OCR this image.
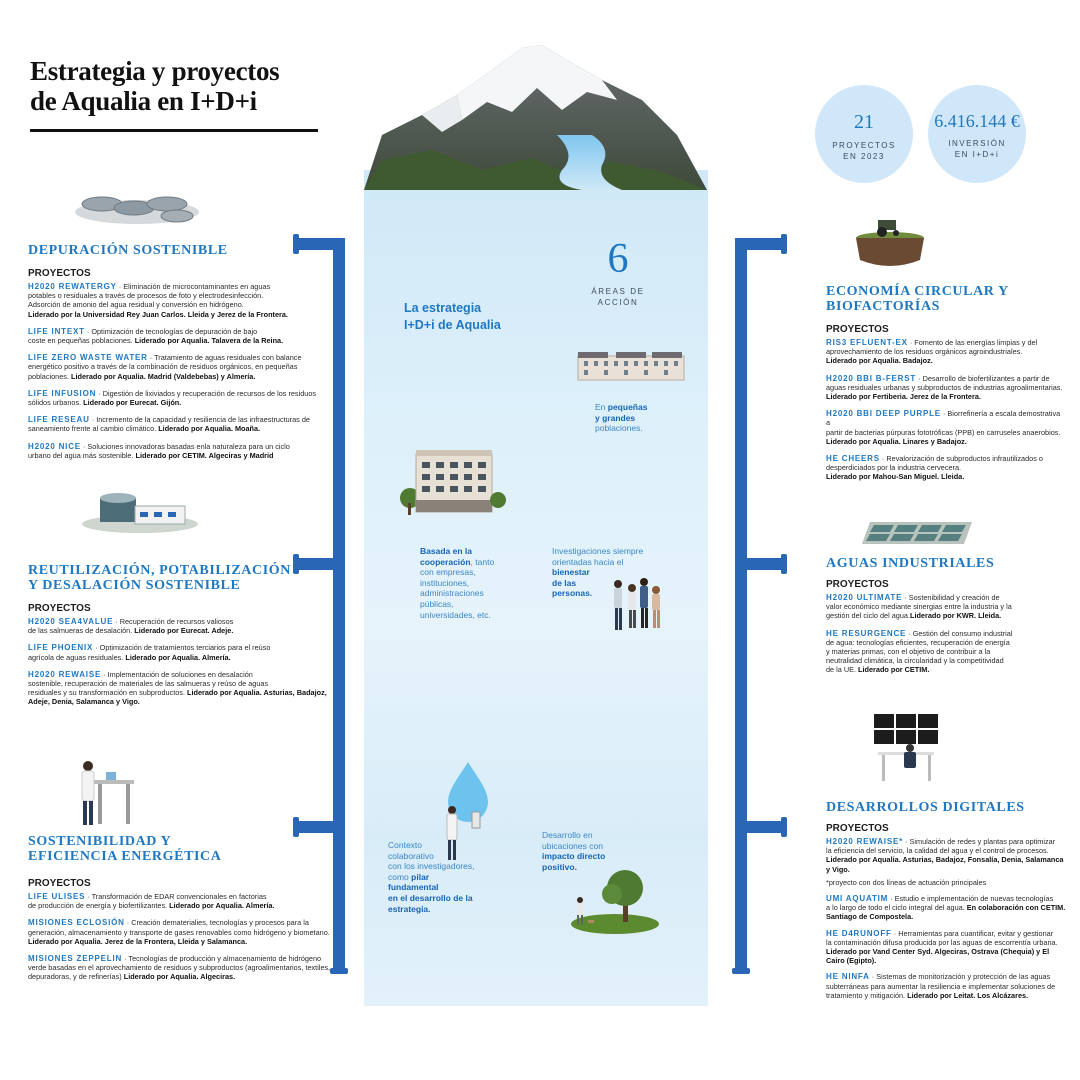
Estrategia y proyectos
de Aqualia en I+D+i
21
PROYECTOS
EN 2023
6.416.144 €
INVERSIÓN
EN I+D+i
6
ÁREAS DE
ACCIÓN
La estrategia
I+D+i de Aqualia
En pequeñas
y grandes
poblaciones.
Basada en la
cooperación, tanto
con empresas,
instituciones,
administraciones
públicas,
universidades, etc.
Investigaciones siempre
orientadas hacia el
bienestar
de las
personas.
Contexto
colaborativo
con los investigadores,
como pilar
fundamental
en el desarrollo de la
estrategia.
Desarrollo en
ubicaciones con
impacto directo
positivo.
DEPURACIÓN SOSTENIBLE
PROYECTOS
H2020 REWATERGY · Eliminación de microcontaminantes en aguas
potables o residuales a través de procesos de foto y electrodesinfección.
Adsorción de amonio del agua residual y conversión en hidrógeno.
Liderado por la Universidad Rey Juan Carlos. Lleida y Jerez de la Frontera.
LIFE INTEXT · Optimización de tecnologías de depuración de bajo
coste en pequeñas poblaciones. Liderado por Aqualia. Talavera de la Reina.
LIFE ZERO WASTE WATER · Tratamiento de aguas residuales con balance
energético positivo a través de la combinación de residuos orgánicos, en pequeñas
poblaciones. Liderado por Aqualia. Madrid (Valdebebas) y Almería.
LIFE INFUSION · Digestión de lixiviados y recuperación de recursos de los residuos
sólidos urbanos. Liderado por Eurecat. Gijón.
LIFE RESEAU · Incremento de la capacidad y resiliencia de las infraestructuras de
saneamiento frente al cambio climático. Liderado por Aqualia. Moaña.
H2020 NICE · Soluciones innovadoras basadas enla naturaleza para un ciclo
urbano del agua más sostenible. Liderado por CETIM. Algeciras y Madrid
REUTILIZACIÓN, POTABILIZACIÓN
Y DESALACIÓN SOSTENIBLE
PROYECTOS
H2020 SEA4VALUE · Recuperación de recursos valiosos
de las salmueras de desalación. Liderado por Eurecat. Adeje.
LIFE PHOENIX · Optimización de tratamientos terciarios para el reúso
agrícola de aguas residuales. Liderado por Aqualia. Almería.
H2020 REWAISE · Implementación de soluciones en desalación
sostenible, recuperación de materiales de las salmueras y reúso de aguas
residuales y su transformación en subproductos. Liderado por Aqualia. Asturias, Badajoz, Adeje, Denia, Salamanca y Vigo.
SOSTENIBILIDAD Y
EFICIENCIA ENERGÉTICA
PROYECTOS
LIFE ULISES · Transformación de EDAR convencionales en factorias
de producción de energía y biofertilizantes. Liderado por Aqualia. Almería.
MISIONES ECLOSIÓN · Creación dematerialies, tecnologías y procesos para la
generación, almacenamiento y transporte de gases renovables como hidrógeno y biometano.
Liderado por Aqualia. Jerez de la Frontera, Lleida y Salamanca.
MISIONES ZEPPELIN · Tecnologías de producción y almacenamiento de hidrógeno
verde basadas en el aprovechamiento de residuos y subproductos (agroalimentarios, textiles,
depuradoras, y de refinerías) Liderado por Aqualia. Algeciras.
ECONOMÍA CIRCULAR Y
BIOFACTORÍAS
PROYECTOS
RIS3 EFLUENT-EX · Fomento de las energías limpias y del
aprovechamiento de los residuos orgánicos agroindustriales.
Liderado por Aqualia. Badajoz.
H2020 BBI B-FERST · Desarrollo de biofertilizantes a partir de
aguas residuales urbanas y subproductos de industrias agroalimentarias.
Liderado por Fertiberia. Jerez de la Frontera.
H2020 BBI DEEP PURPLE · Biorrefinería a escala demostrativa a
partir de bacterias púrpuras fototróficas (PPB) en carruseles anaerobios.
Liderado por Aqualia. Linares y Badajoz.
HE CHEERS · Revalorización de subproductos infrautilizados o
desperdiciados por la industria cervecera.
Liderado por Mahou-San Miguel. Lleida.
AGUAS INDUSTRIALES
PROYECTOS
H2020 ULTIMATE · Sostenibilidad y creación de
valor económico mediante sinergias entre la industria y la
gestión del ciclo del agua.Liderado por KWR. Lleida.
HE RESURGENCE · Gestión del consumo industrial
de agua: tecnologías eficientes, recuperación de energía
y materias primas, con el objetivo de contribuir a la
neutralidad climática, la circularidad y la competitividad
de la UE. Liderado por CETIM.
DESARROLLOS DIGITALES
PROYECTOS
H2020 REWAISE* · Simulación de redes y plantas para optimizar
la eficiencia del servicio, la calidad del agua y el control de procesos.
Liderado por Aqualia. Asturias, Badajoz, Fonsalía, Denia, Salamanca y Vigo.
*proyecto con dos líneas de actuación principales
UMI AQUATIM · Estudio e implementación de nuevas tecnologías
a lo largo de todo el ciclo integral del agua. En colaboración con CETIM. Santiago de Compostela.
HE D4RUNOFF · Herramientas para cuantificar, evitar y gestionar
la contaminación difusa producida por las aguas de escorrentía urbana.
Liderado por Vand Center Syd. Algeciras, Ostrava (Chequia) y El Cairo (Egipto).
HE NINFA · Sistemas de monitorización y protección de las aguas
subterráneas para aumentar la resiliencia e implementar soluciones de
tratamiento y mitigación. Liderado por Leitat. Los Alcázares.
